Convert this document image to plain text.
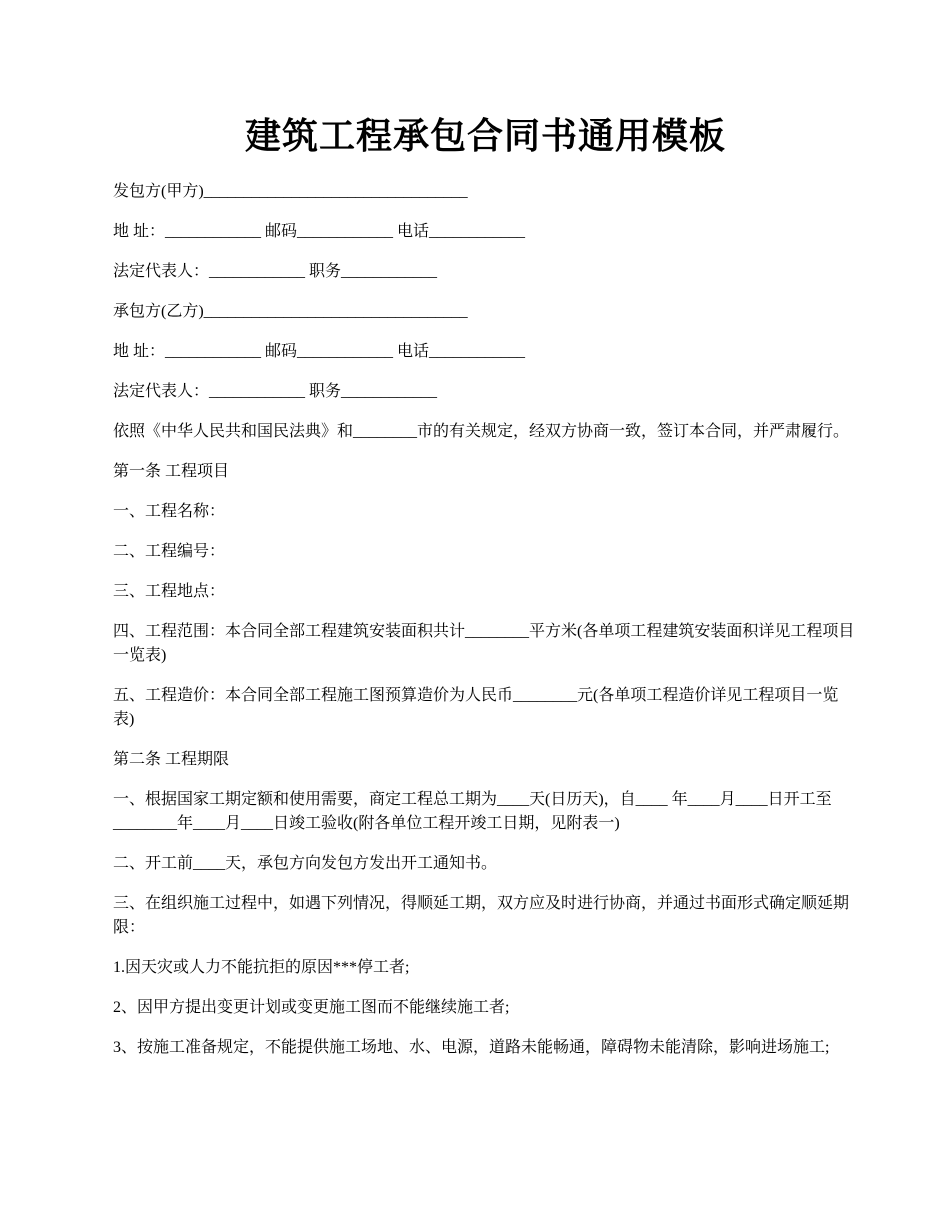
建筑工程承包合同书通用模板

发包方(甲方)_________________________________

地 址：____________ 邮码____________ 电话____________

法定代表人：____________ 职务____________

承包方(乙方)_________________________________

地 址：____________ 邮码____________ 电话____________

法定代表人：____________ 职务____________

依照《中华人民共和国民法典》和________市的有关规定，经双方协商一致，签订本合同，并严肃履行。

第一条 工程项目

一、工程名称：

二、工程编号：

三、工程地点：

四、工程范围：本合同全部工程建筑安装面积共计________平方米(各单项工程建筑安装面积详见工程项目一览表)

五、工程造价：本合同全部工程施工图预算造价为人民币________元(各单项工程造价详见工程项目一览表)

第二条 工程期限

一、根据国家工期定额和使用需要，商定工程总工期为____天(日历天)，自____ 年____月____日开工至________年____月____日竣工验收(附各单位工程开竣工日期，见附表一)

二、开工前____天，承包方向发包方发出开工通知书。

三、在组织施工过程中，如遇下列情况，得顺延工期，双方应及时进行协商，并通过书面形式确定顺延期限：

1.因天灾或人力不能抗拒的原因***停工者;

2、因甲方提出变更计划或变更施工图而不能继续施工者;

3、按施工准备规定，不能提供施工场地、水、电源，道路未能畅通，障碍物未能清除，影响进场施工;
